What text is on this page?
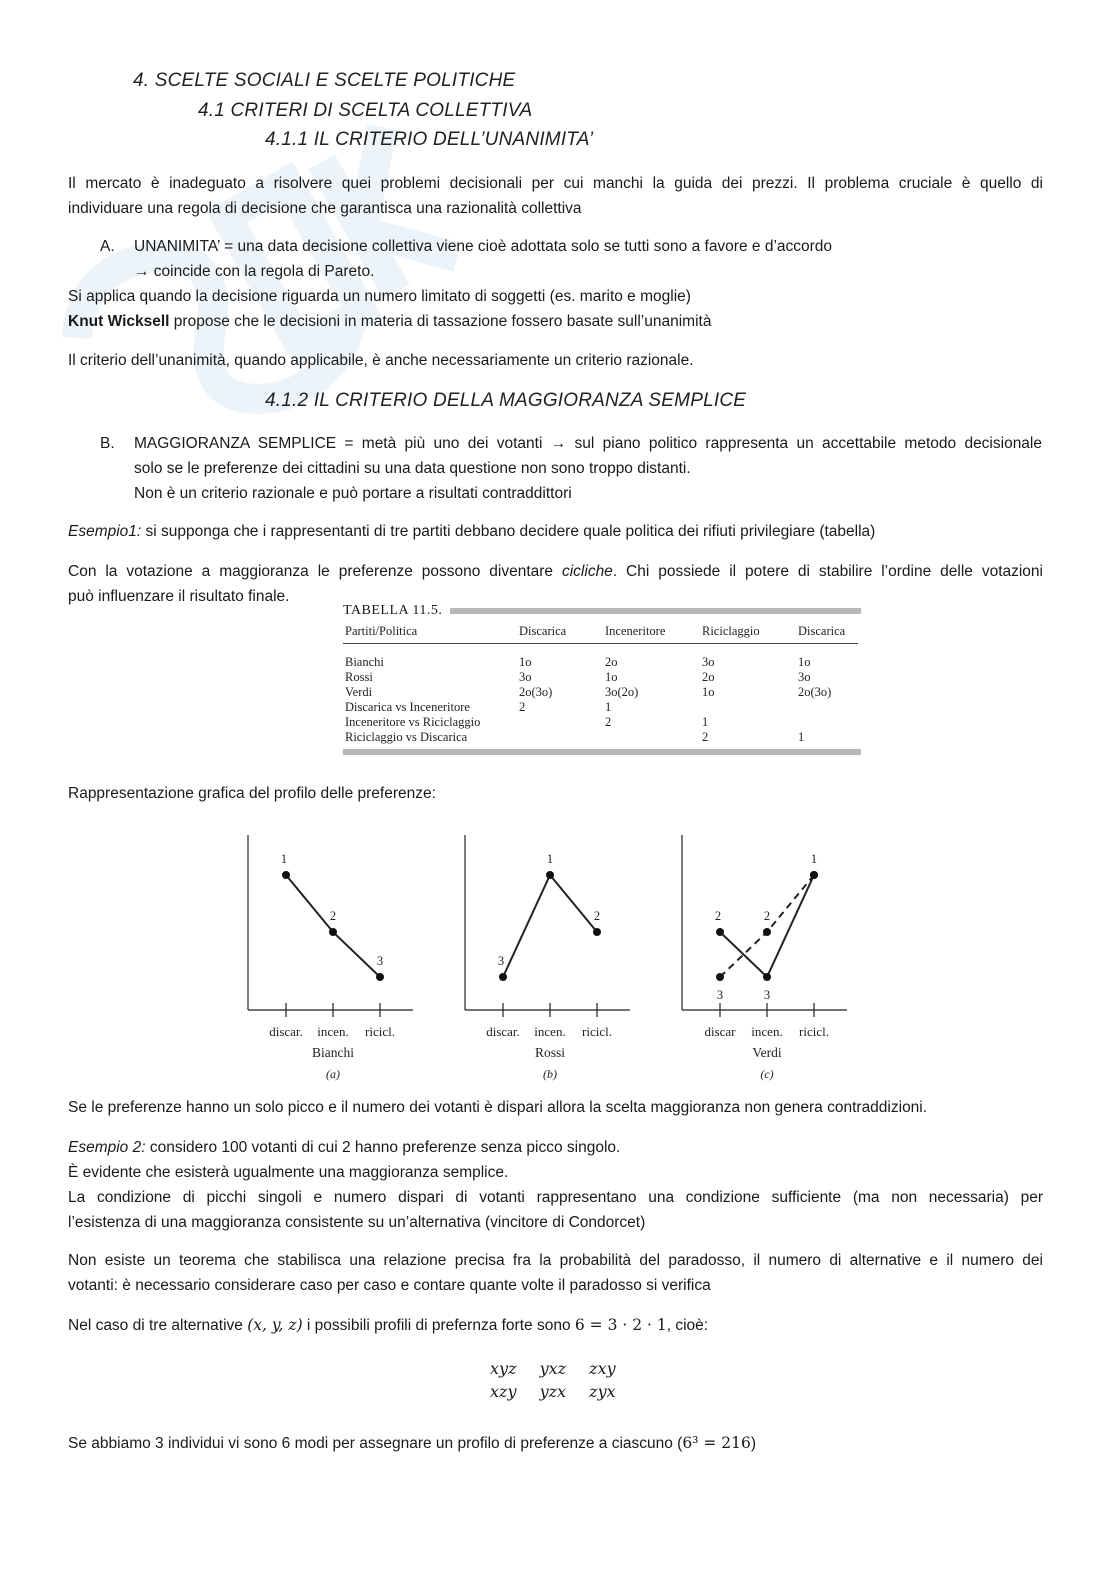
4. SCELTE SOCIALI E SCELTE POLITICHE
4.1 CRITERI DI SCELTA COLLETTIVA
4.1.1 IL CRITERIO DELL’UNANIMITA’
Il mercato è inadeguato a risolvere quei problemi decisionali per cui manchi la guida dei prezzi. Il problema cruciale è quello di
individuare una regola di decisione che garantisca una razionalità collettiva
A. UNANIMITA’ = una data decisione collettiva viene cioè adottata solo se tutti sono a favore e d’accordo
→ coincide con la regola di Pareto.
Si applica quando la decisione riguarda un numero limitato di soggetti (es. marito e moglie)
Knut Wicksell propose che le decisioni in materia di tassazione fossero basate sull’unanimità
Il criterio dell’unanimità, quando applicabile, è anche necessariamente un criterio razionale.
4.1.2 IL CRITERIO DELLA MAGGIORANZA SEMPLICE
B. MAGGIORANZA SEMPLICE = metà più uno dei votanti → sul piano politico rappresenta un accettabile metodo decisionale
solo se le preferenze dei cittadini su una data questione non sono troppo distanti.
Non è un criterio razionale e può portare a risultati contraddittori
Esempio1: si supponga che i rappresentanti di tre partiti debbano decidere quale politica dei rifiuti privilegiare (tabella)
Con la votazione a maggioranza le preferenze possono diventare cicliche. Chi possiede il potere di stabilire l’ordine delle votazioni
può influenzare il risultato finale.
TABELLA 11.5.
Partiti/Politica	Discarica	Inceneritore	Riciclaggio	Discarica

Bianchi	1o	2o	3o	1o
Rossi	3o	1o	2o	3o
Verdi	2o(3o)	3o(2o)	1o	2o(3o)
Discarica vs Inceneritore	2	1		
Inceneritore vs Riciclaggio		2	1	
Riciclaggio vs Discarica			2	1
Rappresentazione grafica del profilo delle preferenze:
discar. incen. ricicl.
Bianchi
(a)
1
2
3
discar. incen. ricicl.
Rossi
(b)
3
1
2
discar incen. ricicl.
Verdi
(c)
2
3
1
3
2
Se le preferenze hanno un solo picco e il numero dei votanti è dispari allora la scelta maggioranza non genera contraddizioni.
Esempio 2: considero 100 votanti di cui 2 hanno preferenze senza picco singolo.
È evidente che esisterà ugualmente una maggioranza semplice.
La condizione di picchi singoli e numero dispari di votanti rappresentano una condizione sufficiente (ma non necessaria) per
l’esistenza di una maggioranza consistente su un’alternativa (vincitore di Condorcet)
Non esiste un teorema che stabilisca una relazione precisa fra la probabilità del paradosso, il numero di alternative e il numero dei
votanti: è necessario considerare caso per caso e contare quante volte il paradosso si verifica
Nel caso di tre alternative (x, y, z) i possibili profili di prefernza forte sono 6 = 3 · 2 · 1, cioè:
xyz yxz zxy
xzy yzx zyx
Se abbiamo 3 individui vi sono 6 modi per assegnare un profilo di preferenze a ciascuno (6³ = 216)
